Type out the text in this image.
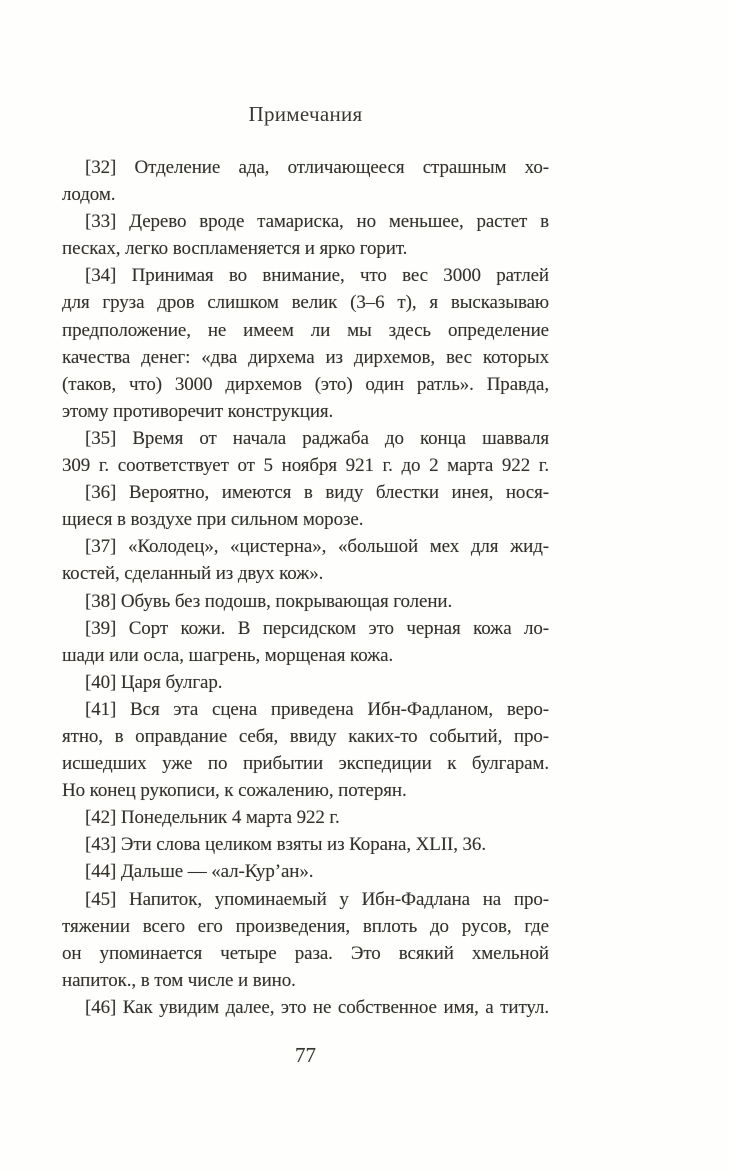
Примечания

[32] Отделение ада, отличающееся страшным хо-
лодом.

[33] Дерево вроде тамариска, но меньшее, растет в
песках, легко воспламеняется и ярко горит.

[34] Принимая во внимание, что вес 3000 ратлей
для груза дров слишком велик (3–6 т), я высказываю
предположение, не имеем ли мы здесь определение
качества денег: «два дирхема из дирхемов, вес которых
(таков, что) 3000 дирхемов (это) один ратль». Правда,
этому противоречит конструкция.

[35] Время от начала раджаба до конца шавваля
309 г. соответствует от 5 ноября 921 г. до 2 марта 922 г.

[36] Вероятно, имеются в виду блестки инея, нося-
щиеся в воздухе при сильном морозе.

[37] «Колодец», «цистерна», «большой мех для жид-
костей, сделанный из двух кож».

[38] Обувь без подошв, покрывающая голени.

[39] Сорт кожи. В персидском это черная кожа ло-
шади или осла, шагрень, морщеная кожа.

[40] Царя булгар.

[41] Вся эта сцена приведена Ибн-Фадланом, веро-
ятно, в оправдание себя, ввиду каких-то событий, про-
исшедших уже по прибытии экспедиции к булгарам.
Но конец рукописи, к сожалению, потерян.

[42] Понедельник 4 марта 922 г.

[43] Эти слова целиком взяты из Корана, XLII, 36.

[44] Дальше — «ал-Кур’ан».

[45] Напиток, упоминаемый у Ибн-Фадлана на про-
тяжении всего его произведения, вплоть до русов, где
он упоминается четыре раза. Это всякий хмельной
напиток., в том числе и вино.

[46] Как увидим далее, это не собственное имя, а титул.

77
